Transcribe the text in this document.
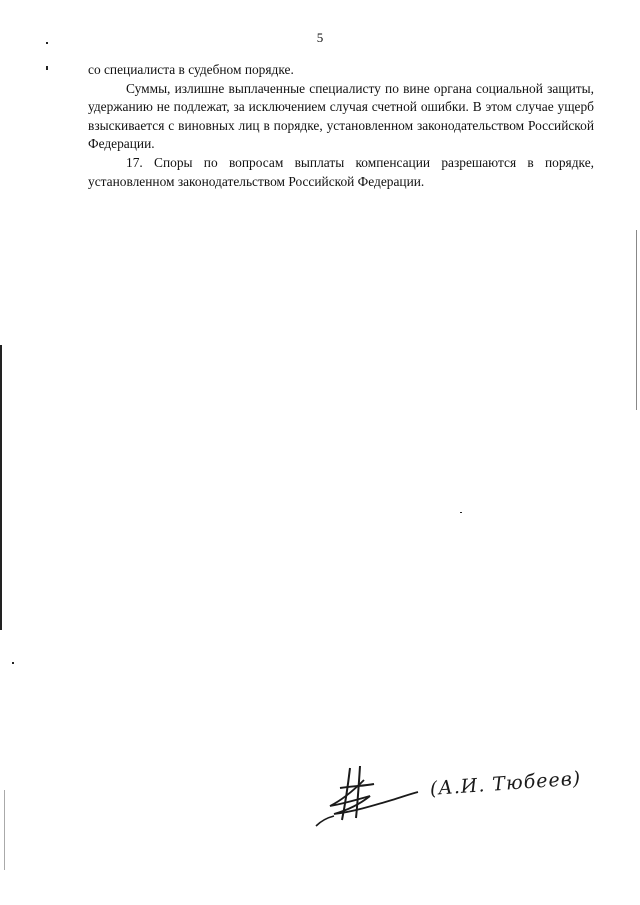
5

со специалиста в судебном порядке.

Суммы, излишне выплаченные специалисту по вине органа социальной защиты, удержанию не подлежат, за исключением случая счетной ошибки. В этом случае ущерб взыскивается с виновных лиц в порядке, установленном законодательством Российской Федерации.

17. Споры по вопросам выплаты компенсации разрешаются в порядке, установленном законодательством Российской Федерации.

(А.И. Тюбеев)
